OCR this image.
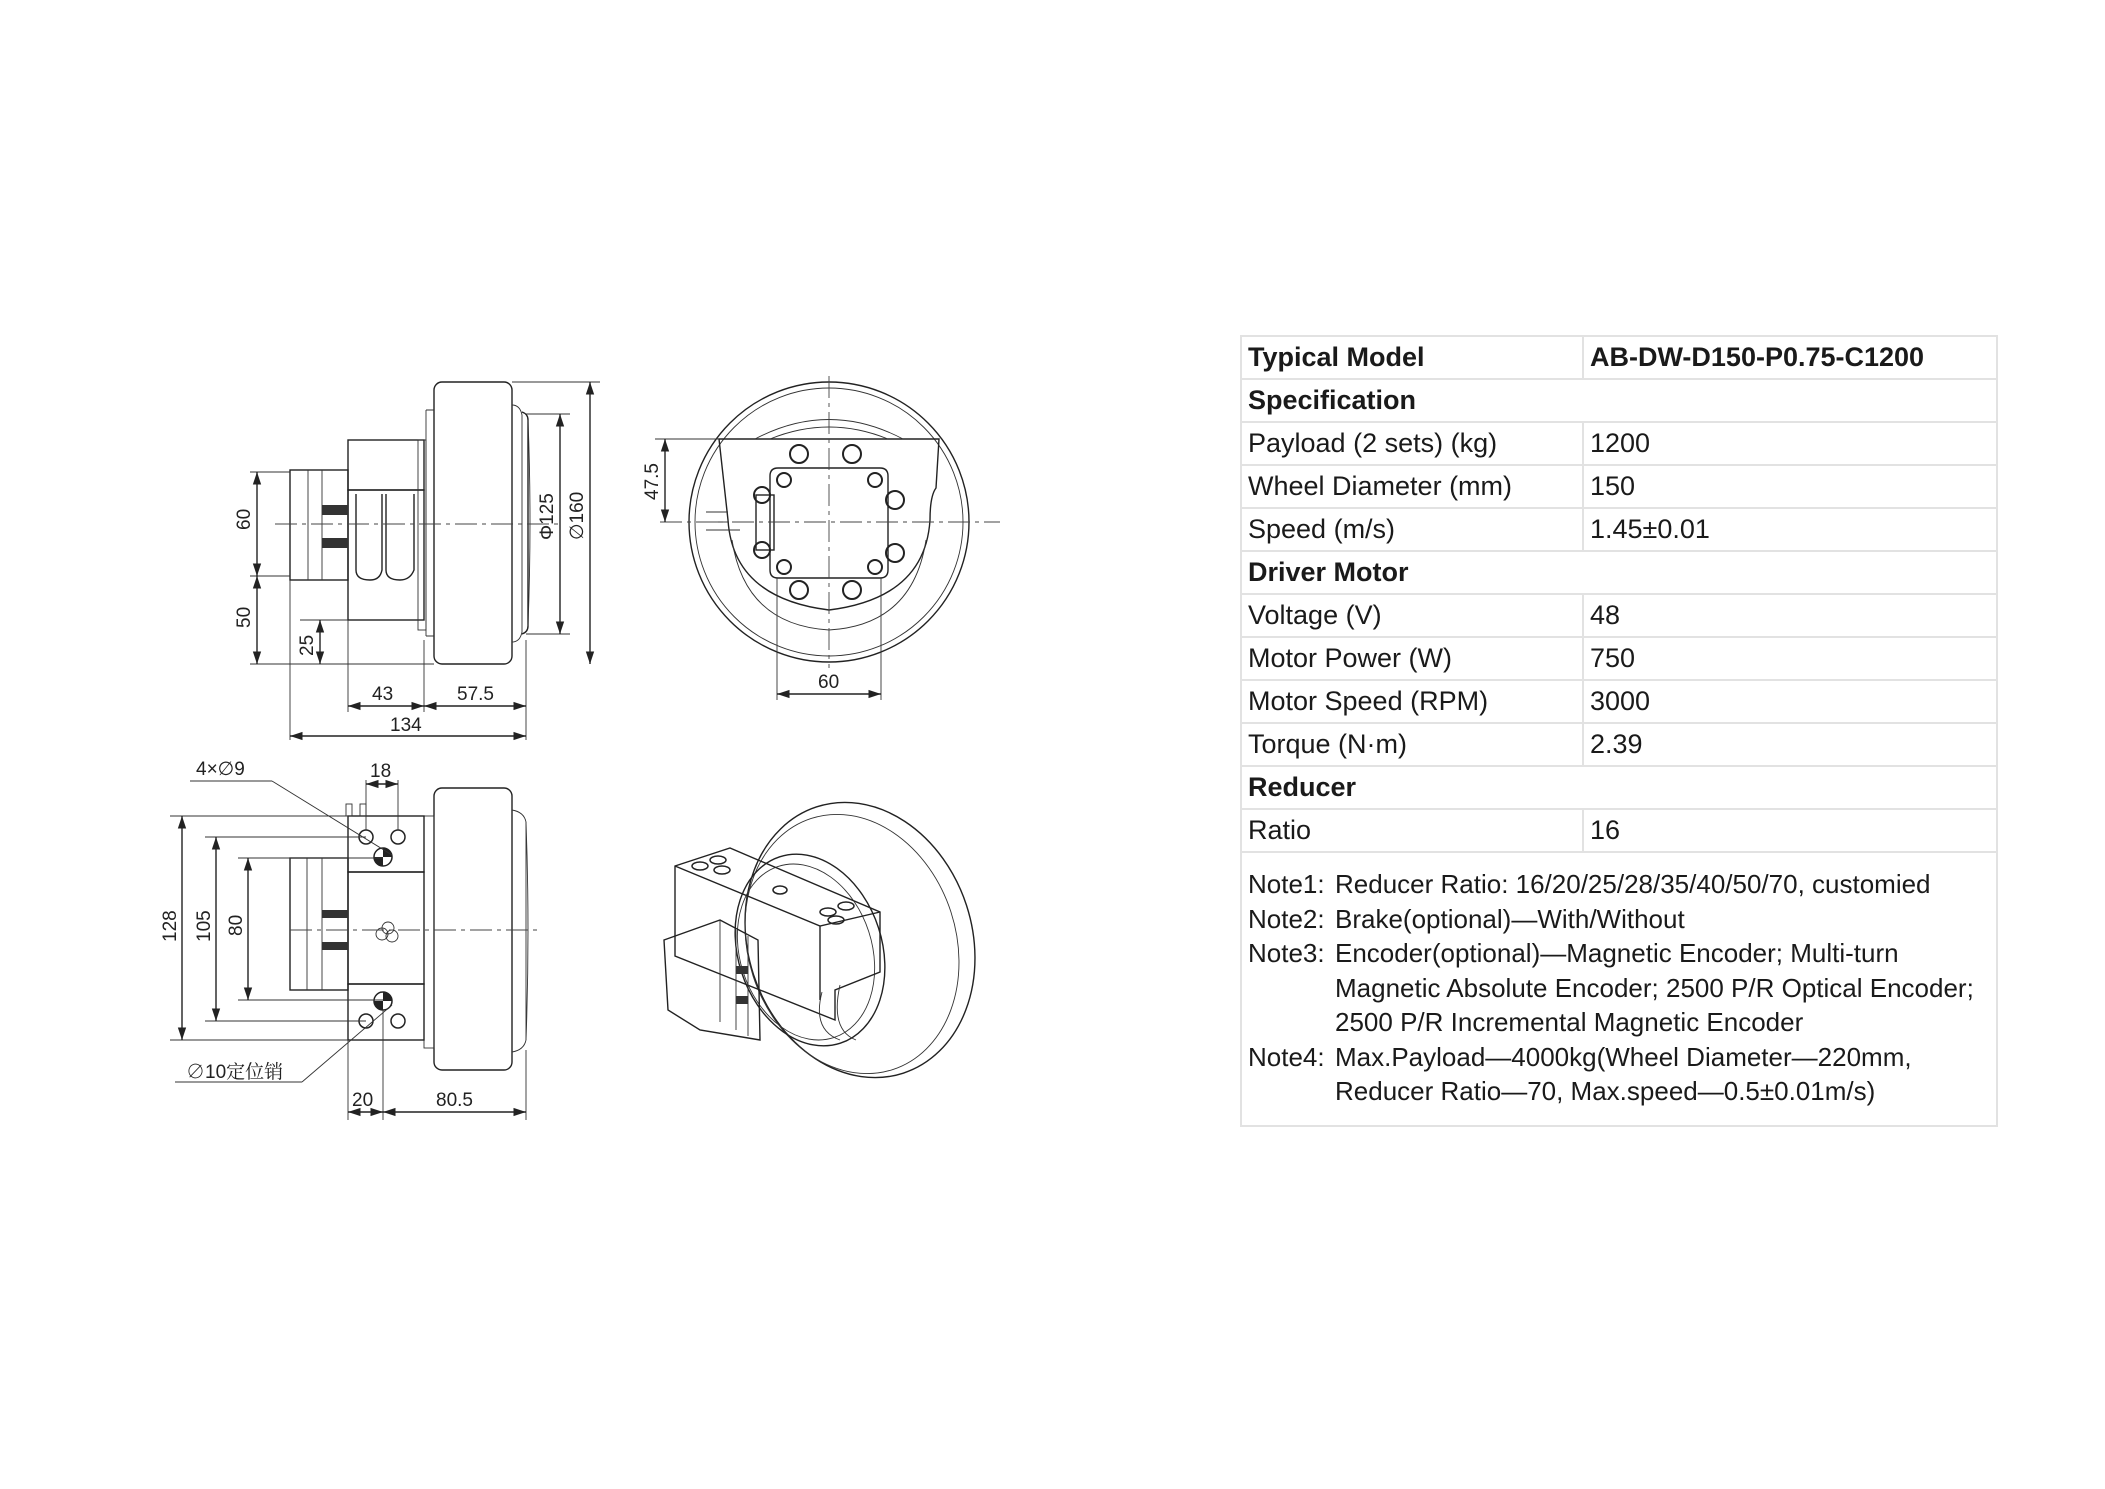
60
50
25
43	57.5
134
Φ125 ∅160
47.5
60
128 105 80
4×∅9	18
∅10定位销
20	80.5
Typical Model	AB-DW-D150-P0.75-C1200
Specification	
Payload (2 sets) (kg)	1200
Wheel Diameter (mm)	150
Speed (m/s)	1.45±0.01
Driver Motor	
Voltage (V)	48
Motor Power (W)	750
Motor Speed (RPM)	3000
Torque (N·m)	2.39
Reducer	
Ratio	16

Note1: Reducer Ratio: 16/20/25/28/35/40/50/70, customied
Note2: Brake(optional)—With/Without
Note3: Encoder(optional)—Magnetic Encoder; Multi-turn
Magnetic Absolute Encoder; 2500 P/R Optical Encoder;
2500 P/R Incremental Magnetic Encoder
Note4: Max.Payload—4000kg(Wheel Diameter—220mm,
Reducer Ratio—70, Max.speed—0.5±0.01m/s)
